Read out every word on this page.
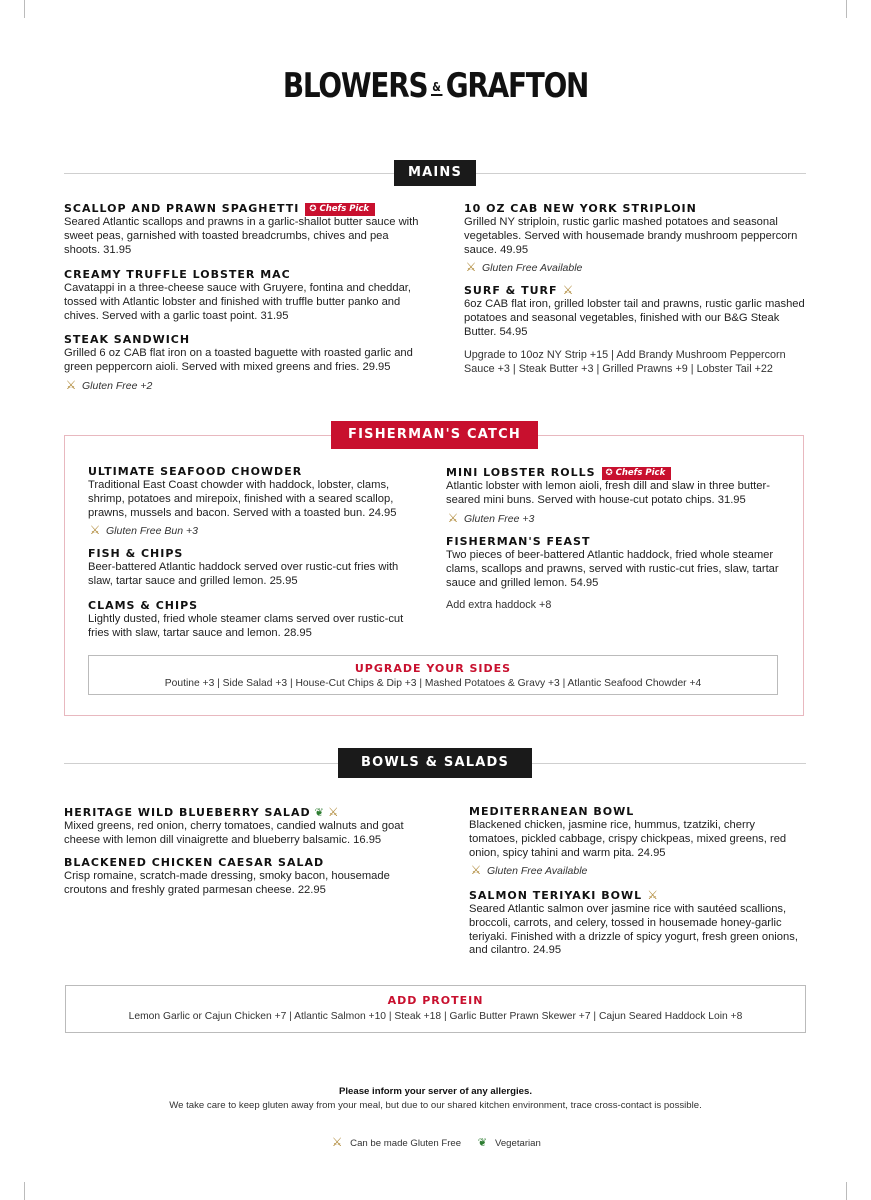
BLOWERS & GRAFTON
MAINS
SCALLOP AND PRAWN SPAGHETTI ✪ Chefs Pick
Seared Atlantic scallops and prawns in a garlic-shallot butter sauce with sweet peas, garnished with toasted breadcrumbs, chives and pea shoots. 31.95
CREAMY TRUFFLE LOBSTER MAC
Cavatappi in a three-cheese sauce with Gruyere, fontina and cheddar, tossed with Atlantic lobster and finished with truffle butter panko and chives. Served with a garlic toast point. 31.95
STEAK SANDWICH
Grilled 6 oz CAB flat iron on a toasted baguette with roasted garlic and green peppercorn aioli. Served with mixed greens and fries. 29.95
⚔ Gluten Free +2
10 OZ CAB NEW YORK STRIPLOIN
Grilled NY striploin, rustic garlic mashed potatoes and seasonal vegetables. Served with housemade brandy mushroom peppercorn sauce. 49.95
⚔ Gluten Free Available
SURF & TURF ⚔
6oz CAB flat iron, grilled lobster tail and prawns, rustic garlic mashed potatoes and seasonal vegetables, finished with our B&G Steak Butter. 54.95
Upgrade to 10oz NY Strip +15 | Add Brandy Mushroom Peppercorn Sauce +3 | Steak Butter +3 | Grilled Prawns +9 | Lobster Tail +22
FISHERMAN'S CATCH
ULTIMATE SEAFOOD CHOWDER
Traditional East Coast chowder with haddock, lobster, clams, shrimp, potatoes and mirepoix, finished with a seared scallop, prawns, mussels and bacon. Served with a toasted bun. 24.95
⚔ Gluten Free Bun +3
FISH & CHIPS
Beer-battered Atlantic haddock served over rustic-cut fries with slaw, tartar sauce and grilled lemon. 25.95
CLAMS & CHIPS
Lightly dusted, fried whole steamer clams served over rustic-cut fries with slaw, tartar sauce and lemon. 28.95
MINI LOBSTER ROLLS ✪ Chefs Pick
Atlantic lobster with lemon aioli, fresh dill and slaw in three butter-seared mini buns. Served with house-cut potato chips. 31.95
⚔ Gluten Free +3
FISHERMAN'S FEAST
Two pieces of beer-battered Atlantic haddock, fried whole steamer clams, scallops and prawns, served with rustic-cut fries, slaw, tartar sauce and grilled lemon. 54.95
Add extra haddock +8
UPGRADE YOUR SIDES
Poutine +3 | Side Salad +3 | House-Cut Chips & Dip +3 | Mashed Potatoes & Gravy +3 | Atlantic Seafood Chowder +4
BOWLS & SALADS
HERITAGE WILD BLUEBERRY SALAD ❦ ⚔
Mixed greens, red onion, cherry tomatoes, candied walnuts and goat cheese with lemon dill vinaigrette and blueberry balsamic. 16.95
BLACKENED CHICKEN CAESAR SALAD
Crisp romaine, scratch-made dressing, smoky bacon, housemade croutons and freshly grated parmesan cheese. 22.95
MEDITERRANEAN BOWL
Blackened chicken, jasmine rice, hummus, tzatziki, cherry tomatoes, pickled cabbage, crispy chickpeas, mixed greens, red onion, spicy tahini and warm pita. 24.95
⚔ Gluten Free Available
SALMON TERIYAKI BOWL ⚔
Seared Atlantic salmon over jasmine rice with sautéed scallions, broccoli, carrots, and celery, tossed in housemade honey-garlic teriyaki. Finished with a drizzle of spicy yogurt, fresh green onions, and cilantro. 24.95
ADD PROTEIN
Lemon Garlic or Cajun Chicken +7 | Atlantic Salmon +10 | Steak +18 | Garlic Butter Prawn Skewer +7 | Cajun Seared Haddock Loin +8
Please inform your server of any allergies.
We take care to keep gluten away from your meal, but due to our shared kitchen environment, trace cross-contact is possible.
⚔ Can be made Gluten Free ❦ Vegetarian
